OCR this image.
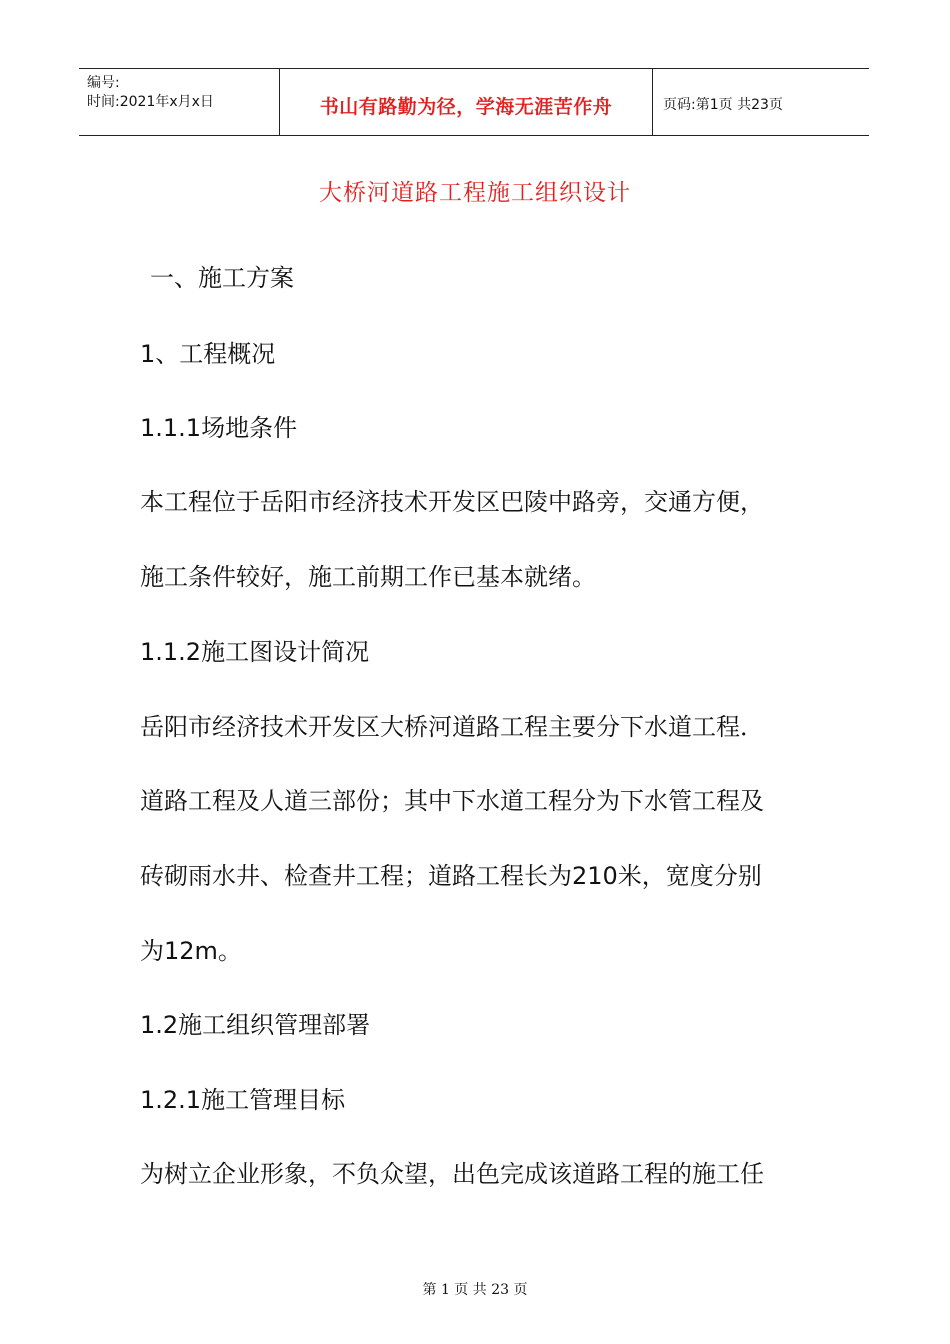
编号:
时间:2021年x月x日	书山有路勤为径，学海无涯苦作舟	页码:第1页 共23页
大桥河道路工程施工组织设计
一、施工方案
1、工程概况
1.1.1场地条件
本工程位于岳阳市经济技术开发区巴陵中路旁，交通方便，
施工条件较好，施工前期工作已基本就绪。
1.1.2施工图设计简况
岳阳市经济技术开发区大桥河道路工程主要分下水道工程．
道路工程及人道三部份；其中下水道工程分为下水管工程及
砖砌雨水井、检查井工程；道路工程长为210米，宽度分别
为12m。
1.2施工组织管理部署
1.2.1施工管理目标
为树立企业形象，不负众望，出色完成该道路工程的施工任
第 1 页 共 23 页
